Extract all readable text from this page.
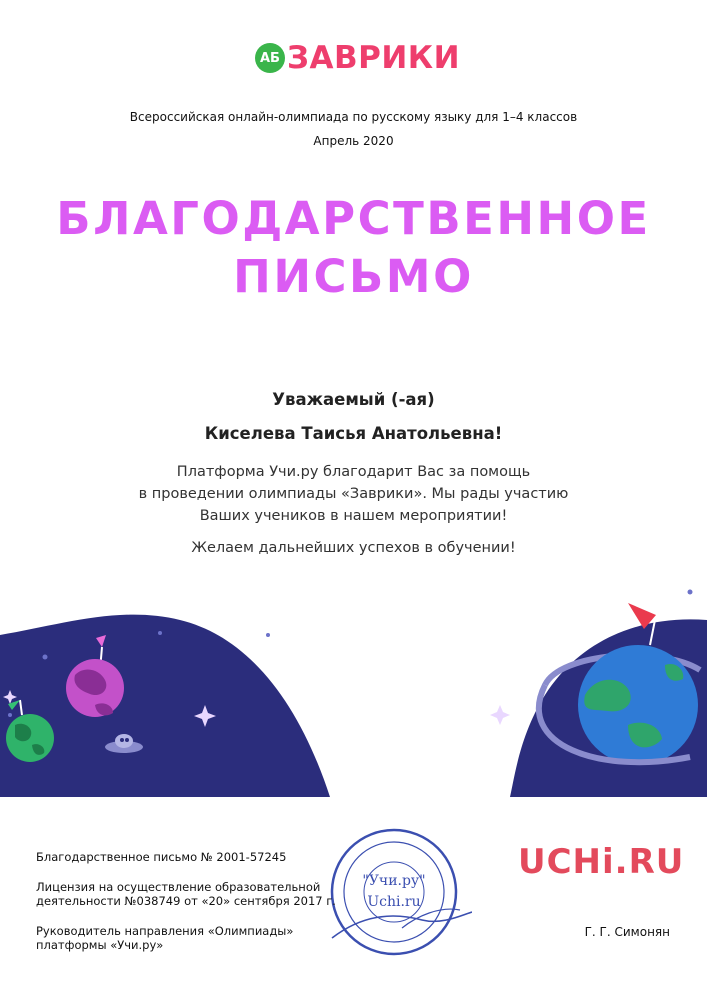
АБ ЗАВРИКИ
Всероссийская онлайн-олимпиада по русскому языку для 1–4 классов
Апрель 2020
БЛАГОДАРСТВЕННОЕ
ПИСЬМО
Уважаемый (-ая)
Киселева Таисья Анатольевна!
Платформа Учи.ру благодарит Вас за помощь
в проведении олимпиады «Заврики». Мы рады участию
Ваших учеников в нашем мероприятии!
Желаем дальнейших успехов в обучении!
"Учи.ру"
Uchi.ru
Благодарственное письмо № 2001-57245
Лицензия на осуществление образовательной
деятельности №038749 от «20» сентября 2017 г.
Руководитель направления «Олимпиады»
платформы «Учи.ру»
UCHi.RU
Г. Г. Симонян
